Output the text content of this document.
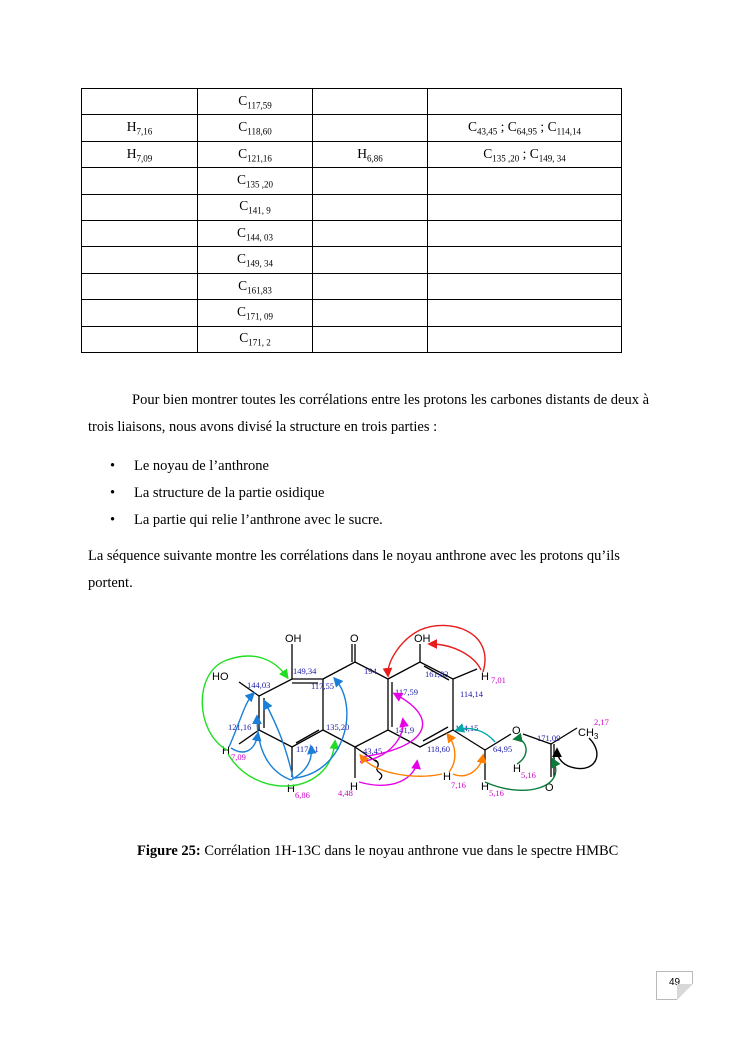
	$C_{117,59}$		
$H_{7,16}$	$C_{118,60}$		$C_{43,45}$ ; $C_{64,95}$ ; $C_{114,14}$
$H_{7,09}$	$C_{121,16}$	$H_{6,86}$	$C_{135 ,20}$ ; $C_{149, 34}$
	$C_{135 ,20}$		
	$C_{141, 9}$		
	$C_{144, 03}$		
	$C_{149, 34}$		
	$C_{161,83}$		
	$C_{171, 09}$		
	$C_{171, 2}$		

Pour bien montrer toutes les corrélations entre les protons les carbones distants de deux à trois liaisons, nous avons divisé la structure en trois parties :

• Le noyau de l’anthrone
• La structure de la partie osidique
• La partie qui relie l’anthrone avec le sucre.

La séquence suivante montre les corrélations dans le noyau anthrone avec les protons qu’ils portent.

OH	O	OH
HO
O	$CH_3$
O
H
H
H
H
H
H
H
149,34	194	161,83
144,03	117,55
117,59	114,14
121,16	135,20	141,9	144,15
171,09
117,11	43,45	118,60	64,95
7,01
2,17
7,09
5,16
7,16
5,16
6,86	4,48
Figure 25: Corrélation 1H-13C dans le noyau anthrone vue dans le spectre HMBC
49
